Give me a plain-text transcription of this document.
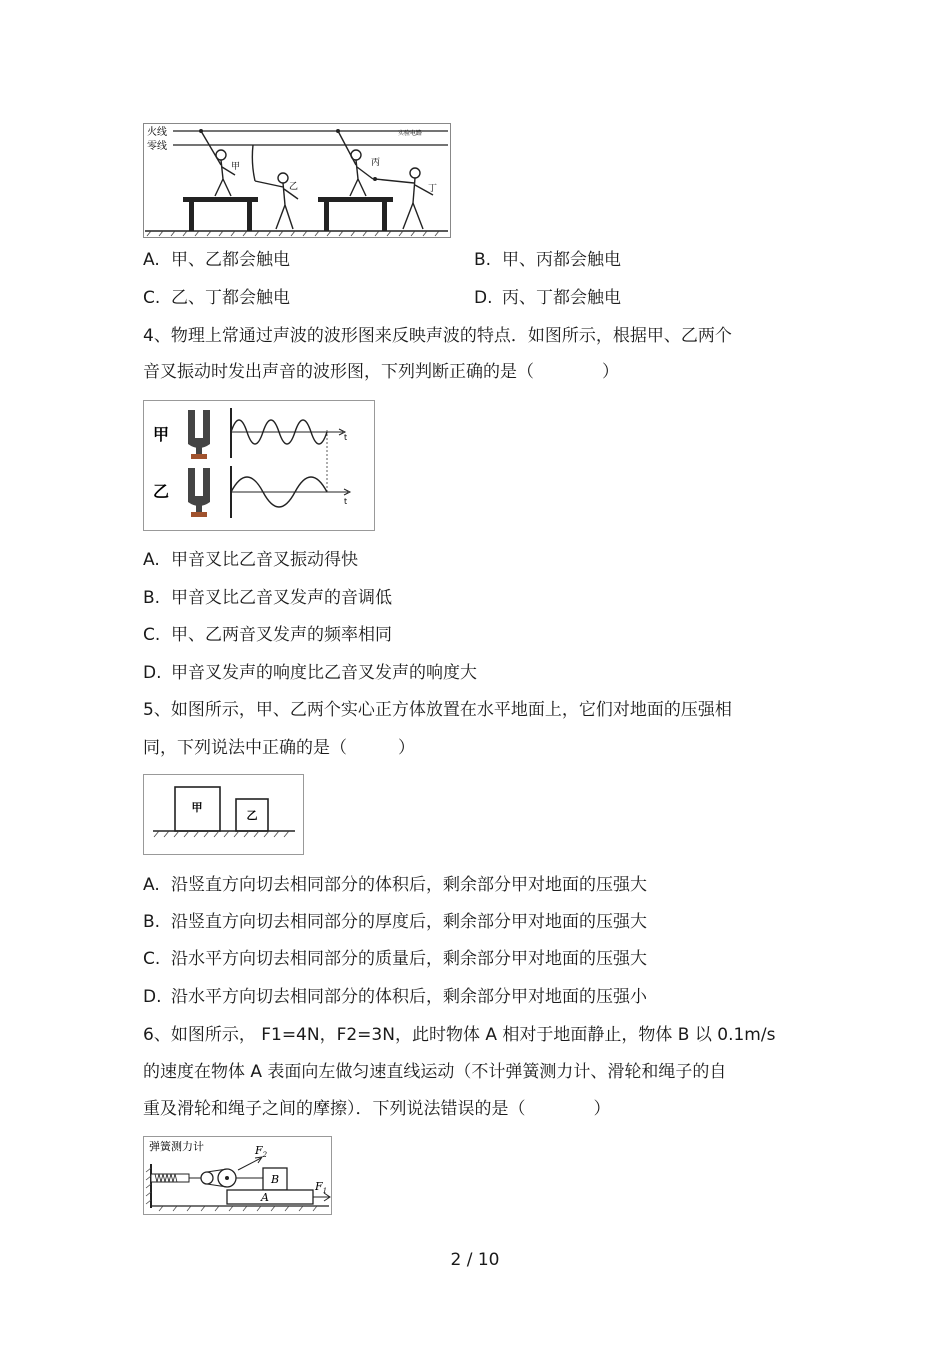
火线
零线
实验电路
甲
乙
丙
丁
A. 甲、乙都会触电	B. 甲、丙都会触电
C. 乙、丁都会触电	D. 丙、丁都会触电
4、物理上常通过声波的波形图来反映声波的特点．如图所示，根据甲、乙两个
音叉振动时发出声音的波形图，下列判断正确的是（　　　　）
甲
乙
t
t
A. 甲音叉比乙音叉振动得快
B. 甲音叉比乙音叉发声的音调低
C. 甲、乙两音叉发声的频率相同
D. 甲音叉发声的响度比乙音叉发声的响度大
5、如图所示，甲、乙两个实心正方体放置在水平地面上，它们对地面的压强相
同，下列说法中正确的是（　　　）
甲
乙
A. 沿竖直方向切去相同部分的体积后，剩余部分甲对地面的压强大
B. 沿竖直方向切去相同部分的厚度后，剩余部分甲对地面的压强大
C. 沿水平方向切去相同部分的质量后，剩余部分甲对地面的压强大
D. 沿水平方向切去相同部分的体积后，剩余部分甲对地面的压强小
6、如图所示， F1=4N，F2=3N，此时物体 A 相对于地面静止，物体 B 以 0.1m/s
的速度在物体 A 表面向左做匀速直线运动（不计弹簧测力计、滑轮和绳子的自
重及滑轮和绳子之间的摩擦）．下列说法错误的是（　　　　）
弹簧测力计	$F_2$
B
A
$F_1$
2 / 10
